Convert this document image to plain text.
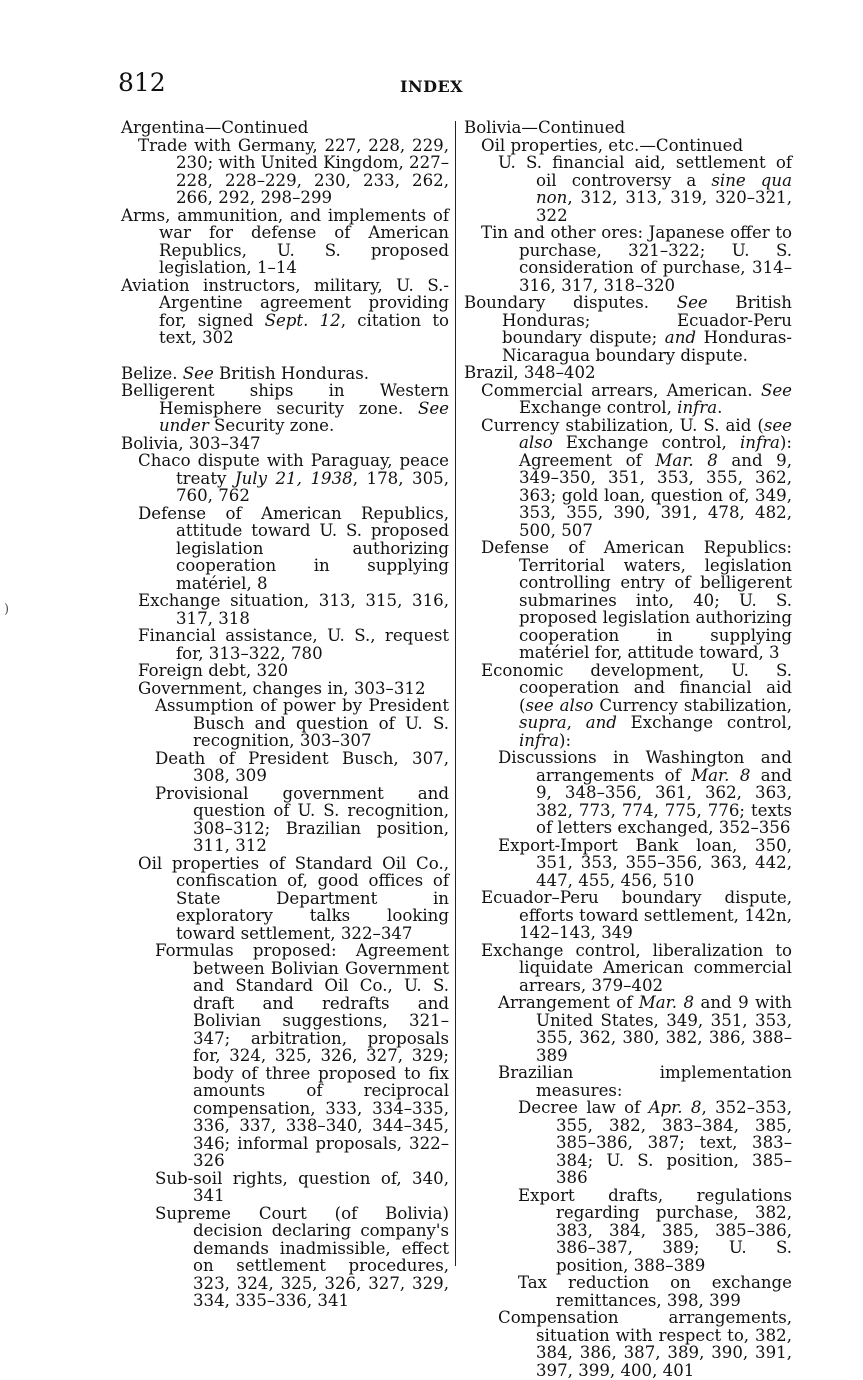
812	INDEX
)

Argentina—Continued

Trade with Germany, 227, 228, 229, 230; with United Kingdom, 227–228, 228–229, 230, 233, 262, 266, 292, 298–299

Arms, ammunition, and implements of war for defense of American Republics, U. S. proposed legislation, 1–14

Aviation instructors, military, U. S.-Argentine agreement providing for, signed Sept. 12, citation to text, 302

Belize. See British Honduras.

Belligerent ships in Western Hemisphere security zone. See under Security zone.

Bolivia, 303–347

Chaco dispute with Paraguay, peace treaty July 21, 1938, 178, 305, 760, 762

Defense of American Republics, attitude toward U. S. proposed legislation authorizing cooperation in supplying matériel, 8

Exchange situation, 313, 315, 316, 317, 318

Financial assistance, U. S., request for, 313–322, 780

Foreign debt, 320

Government, changes in, 303–312

Assumption of power by President Busch and question of U. S. recognition, 303–307

Death of President Busch, 307, 308, 309

Provisional government and question of U. S. recognition, 308–312; Brazilian position, 311, 312

Oil properties of Standard Oil Co., confiscation of, good offices of State Department in exploratory talks looking toward settlement, 322–347

Formulas proposed: Agreement between Bolivian Government and Standard Oil Co., U. S. draft and redrafts and Bolivian suggestions, 321–347; arbitration, proposals for, 324, 325, 326, 327, 329; body of three proposed to fix amounts of reciprocal compensation, 333, 334–335, 336, 337, 338–340, 344–345, 346; informal proposals, 322–326

Sub-soil rights, question of, 340, 341

Supreme Court (of Bolivia) decision declaring company's demands inadmissible, effect on settlement procedures, 323, 324, 325, 326, 327, 329, 334, 335–336, 341

Bolivia—Continued

Oil properties, etc.—Continued

U. S. financial aid, settlement of oil controversy a sine qua non, 312, 313, 319, 320–321, 322

Tin and other ores: Japanese offer to purchase, 321–322; U. S. consideration of purchase, 314–316, 317, 318–320

Boundary disputes. See British Honduras; Ecuador-Peru boundary dispute; and Honduras-Nicaragua boundary dispute.

Brazil, 348–402

Commercial arrears, American. See Exchange control, infra.

Currency stabilization, U. S. aid (see also Exchange control, infra): Agreement of Mar. 8 and 9, 349–350, 351, 353, 355, 362, 363; gold loan, question of, 349, 353, 355, 390, 391, 478, 482, 500, 507

Defense of American Republics: Territorial waters, legislation controlling entry of belligerent submarines into, 40; U. S. proposed legislation authorizing cooperation in supplying matériel for, attitude toward, 3

Economic development, U. S. cooperation and financial aid (see also Currency stabilization, supra, and Exchange control, infra):

Discussions in Washington and arrangements of Mar. 8 and 9, 348–356, 361, 362, 363, 382, 773, 774, 775, 776; texts of letters exchanged, 352–356

Export-Import Bank loan, 350, 351, 353, 355–356, 363, 442, 447, 455, 456, 510

Ecuador–Peru boundary dispute, efforts toward settlement, 142n, 142–143, 349

Exchange control, liberalization to liquidate American commercial arrears, 379–402

Arrangement of Mar. 8 and 9 with United States, 349, 351, 353, 355, 362, 380, 382, 386, 388–389

Brazilian implementation measures:

Decree law of Apr. 8, 352–353, 355, 382, 383–384, 385, 385–386, 387; text, 383–384; U. S. position, 385–386

Export drafts, regulations regarding purchase, 382, 383, 384, 385, 385–386, 386–387, 389; U. S. position, 388–389

Tax reduction on exchange remittances, 398, 399

Compensation arrangements, situation with respect to, 382, 384, 386, 387, 389, 390, 391, 397, 399, 400, 401
